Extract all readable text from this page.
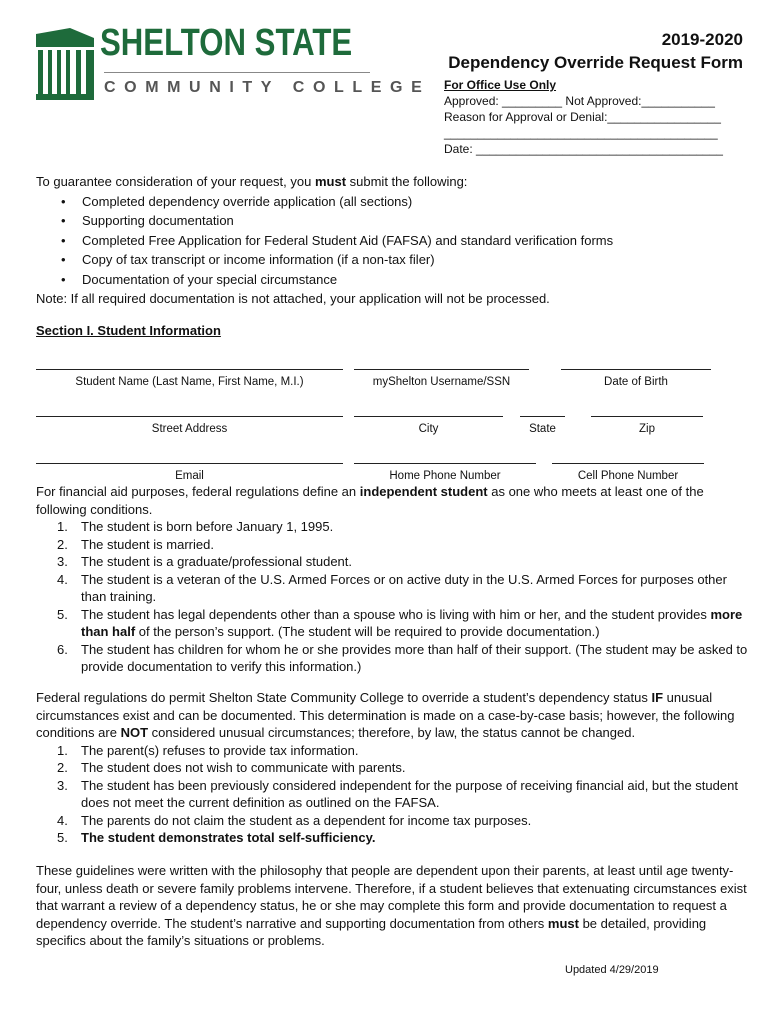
SHELTON STATE
COMMUNITY COLLEGE
2019-2020
Dependency Override Request Form
For Office Use Only
Approved: _________ Not Approved:___________
Reason for Approval or Denial:_________________
_________________________________________
Date: _____________________________________
To guarantee consideration of your request, you must submit the following:
• Completed dependency override application (all sections)
• Supporting documentation
• Completed Free Application for Federal Student Aid (FAFSA) and standard verification forms
• Copy of tax transcript or income information (if a non-tax filer)
• Documentation of your special circumstance
Note: If all required documentation is not attached, your application will not be processed.
Section I. Student Information
Student Name (Last Name, First Name, M.I.)	myShelton Username/SSN	Date of Birth
Street Address	City	State	Zip
Email	Home Phone Number	Cell Phone Number

For financial aid purposes, federal regulations define an independent student as one who meets at least one of the following conditions.

1. The student is born before January 1, 1995.
2. The student is married.
3. The student is a graduate/professional student.
4. The student is a veteran of the U.S. Armed Forces or on active duty in the U.S. Armed Forces for purposes other than training.
5. The student has legal dependents other than a spouse who is living with him or her, and the student provides more than half of the person’s support. (The student will be required to provide documentation.)
6. The student has children for whom he or she provides more than half of their support. (The student may be asked to provide documentation to verify this information.)

Federal regulations do permit Shelton State Community College to override a student’s dependency status IF unusual circumstances exist and can be documented. This determination is made on a case-by-case basis; however, the following conditions are NOT considered unusual circumstances; therefore, by law, the status cannot be changed.

1. The parent(s) refuses to provide tax information.
2. The student does not wish to communicate with parents.
3. The student has been previously considered independent for the purpose of receiving financial aid, but the student does not meet the current definition as outlined on the FAFSA.
4. The parents do not claim the student as a dependent for income tax purposes.
5. The student demonstrates total self-sufficiency.

These guidelines were written with the philosophy that people are dependent upon their parents, at least until age twenty-four, unless death or severe family problems intervene. Therefore, if a student believes that extenuating circumstances exist that warrant a review of a dependency status, he or she may complete this form and provide documentation to request a dependency override. The student’s narrative and supporting documentation from others must be detailed, providing specifics about the family’s situations or problems.

Updated 4/29/2019
